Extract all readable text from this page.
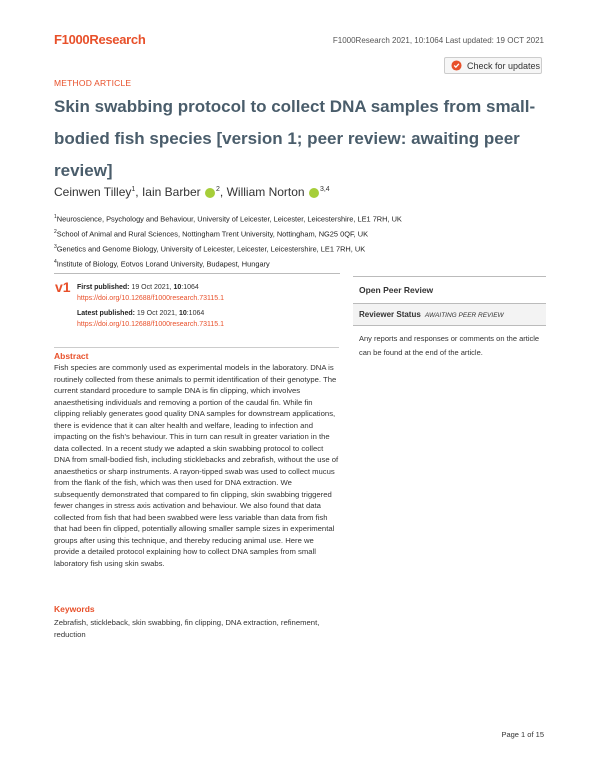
F1000Research	F1000Research 2021, 10:1064 Last updated: 19 OCT 2021
Check for updates
METHOD ARTICLE
Skin swabbing protocol to collect DNA samples from small-bodied fish species [version 1; peer review: awaiting peer review]
Ceinwen Tilley$^1$, Iain Barber $^2$, William Norton $^{3,4}$
$^1$Neuroscience, Psychology and Behaviour, University of Leicester, Leicester, Leicestershire, LE1 7RH, UK
$^2$School of Animal and Rural Sciences, Nottingham Trent University, Nottingham, NG25 0QF, UK
$^3$Genetics and Genome Biology, University of Leicester, Leicester, Leicestershire, LE1 7RH, UK
$^4$Institute of Biology, Eotvos Lorand University, Budapest, Hungary
v1 First published: 19 Oct 2021, 10:1064
https://doi.org/10.12688/f1000research.73115.1
Latest published: 19 Oct 2021, 10:1064
https://doi.org/10.12688/f1000research.73115.1
Open Peer Review
Reviewer Status AWAITING PEER REVIEW
Any reports and responses or comments on the article can be found at the end of the article.
Abstract
Fish species are commonly used as experimental models in the laboratory. DNA is routinely collected from these animals to permit identification of their genotype. The current standard procedure to sample DNA is fin clipping, which involves anaesthetising individuals and removing a portion of the caudal fin. While fin clipping reliably generates good quality DNA samples for downstream applications, there is evidence that it can alter health and welfare, leading to infection and impacting on the fish's behaviour. This in turn can result in greater variation in the data collected. In a recent study we adapted a skin swabbing protocol to collect DNA from small-bodied fish, including sticklebacks and zebrafish, without the use of anaesthetics or sharp instruments. A rayon-tipped swab was used to collect mucus from the flank of the fish, which was then used for DNA extraction. We subsequently demonstrated that compared to fin clipping, skin swabbing triggered fewer changes in stress axis activation and behaviour. We also found that data collected from fish that had been swabbed were less variable than data from fish that had been fin clipped, potentially allowing smaller sample sizes in experimental groups after using this technique, and thereby reducing animal use. Here we provide a detailed protocol explaining how to collect DNA samples from small laboratory fish using skin swabs.
Keywords
Zebrafish, stickleback, skin swabbing, fin clipping, DNA extraction, refinement, reduction
Page 1 of 15
